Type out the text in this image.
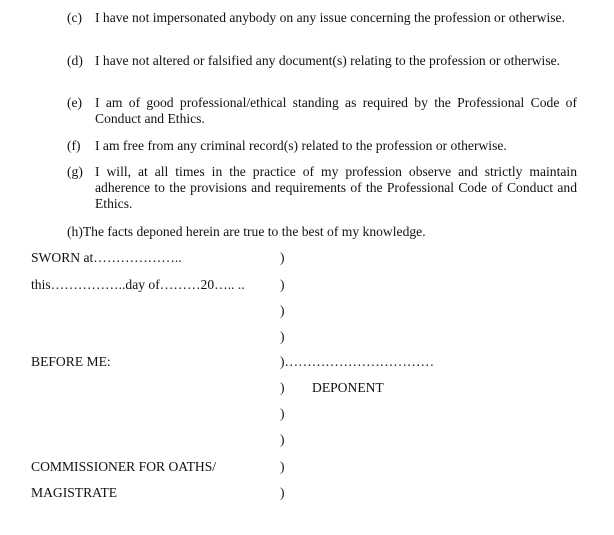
(c) I have not impersonated anybody on any issue concerning the profession or otherwise.
(d) I have not altered or falsified any document(s) relating to the profession or otherwise.
(e) I am of good professional/ethical standing as required by the Professional Code of Conduct and Ethics.
(f)	I am free from any criminal record(s) related to the profession or otherwise.
(g) I will, at all times in the practice of my profession observe and strictly maintain adherence to the provisions and requirements of the Professional Code of Conduct and Ethics.
(h)The facts deponed herein are true to the best of my knowledge.
SWORN at………………..
this……………..day of………20….. ..
BEFORE ME:
COMMISSIONER FOR OATHS/
MAGISTRATE
)
)
)
)
)……………………………
) DEPONENT
)
)
)
)
